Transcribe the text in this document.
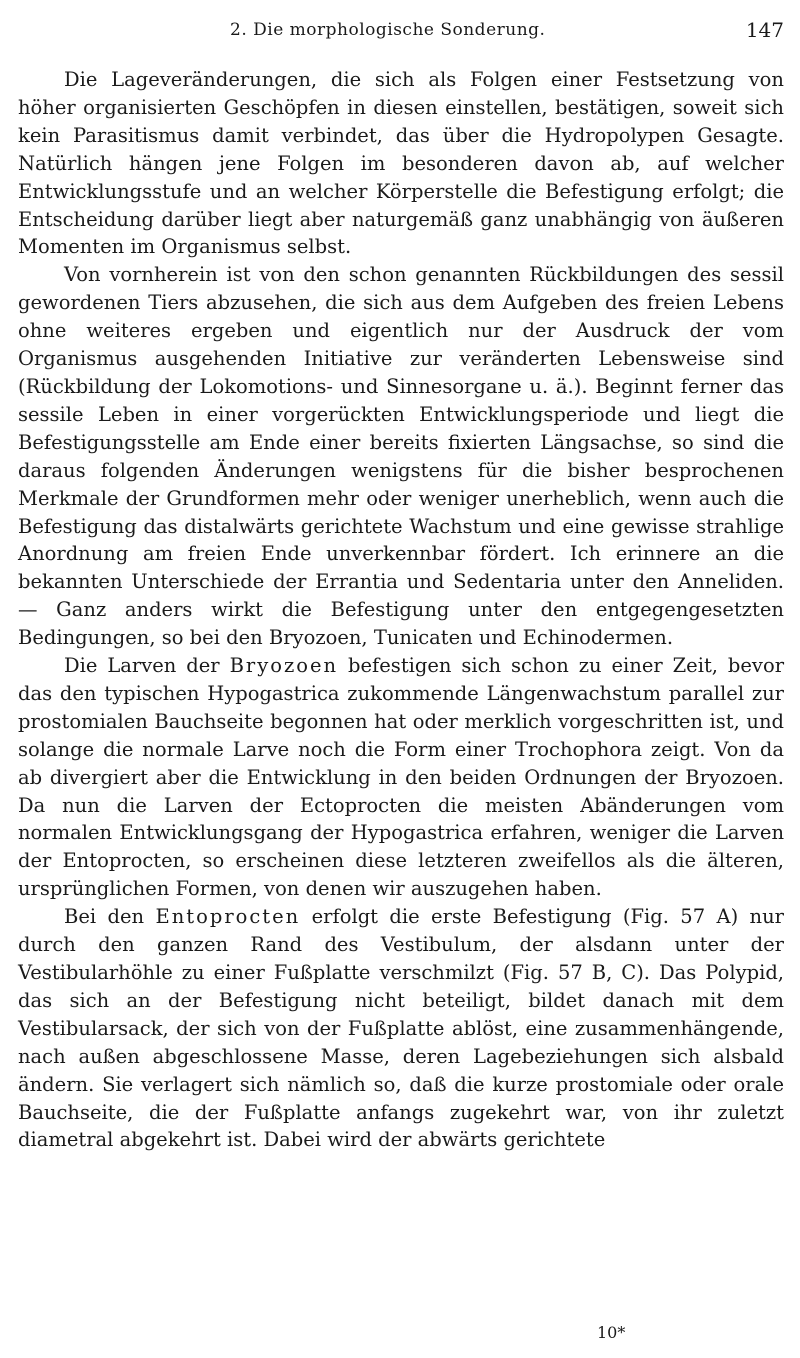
2. Die morphologische Sonderung.	147

Die Lageveränderungen, die sich als Folgen einer Festsetzung von höher organisierten Geschöpfen in diesen einstellen, bestätigen, soweit sich kein Parasitismus damit verbindet, das über die Hydropolypen Gesagte. Natürlich hängen jene Folgen im besonderen davon ab, auf welcher Entwicklungsstufe und an welcher Körperstelle die Befestigung erfolgt; die Entscheidung darüber liegt aber naturgemäß ganz unabhängig von äußeren Momenten im Organismus selbst.

Von vornherein ist von den schon genannten Rückbildungen des sessil gewordenen Tiers abzusehen, die sich aus dem Aufgeben des freien Lebens ohne weiteres ergeben und eigentlich nur der Ausdruck der vom Organismus ausgehenden Initiative zur veränderten Lebensweise sind (Rückbildung der Lokomotions- und Sinnesorgane u. ä.). Beginnt ferner das sessile Leben in einer vorgerückten Entwicklungsperiode und liegt die Befestigungsstelle am Ende einer bereits fixierten Längsachse, so sind die daraus folgenden Änderungen wenigstens für die bisher besprochenen Merkmale der Grundformen mehr oder weniger unerheblich, wenn auch die Befestigung das distalwärts gerichtete Wachstum und eine gewisse strahlige Anordnung am freien Ende unverkennbar fördert. Ich erinnere an die bekannten Unterschiede der Errantia und Sedentaria unter den Anneliden. — Ganz anders wirkt die Befestigung unter den entgegengesetzten Bedingungen, so bei den Bryozoen, Tunicaten und Echinodermen.

Die Larven der Bryozoen befestigen sich schon zu einer Zeit, bevor das den typischen Hypogastrica zukommende Längenwachstum parallel zur prostomialen Bauchseite begonnen hat oder merklich vorgeschritten ist, und solange die normale Larve noch die Form einer Trochophora zeigt. Von da ab divergiert aber die Entwicklung in den beiden Ordnungen der Bryozoen. Da nun die Larven der Ectoprocten die meisten Abänderungen vom normalen Entwicklungsgang der Hypogastrica erfahren, weniger die Larven der Entoprocten, so erscheinen diese letzteren zweifellos als die älteren, ursprünglichen Formen, von denen wir auszugehen haben.

Bei den Entoprocten erfolgt die erste Befestigung (Fig. 57 A) nur durch den ganzen Rand des Vestibulum, der alsdann unter der Vestibularhöhle zu einer Fußplatte verschmilzt (Fig. 57 B, C). Das Polypid, das sich an der Befestigung nicht beteiligt, bildet danach mit dem Vestibularsack, der sich von der Fußplatte ablöst, eine zusammenhängende, nach außen abgeschlossene Masse, deren Lagebeziehungen sich alsbald ändern. Sie verlagert sich nämlich so, daß die kurze prostomiale oder orale Bauchseite, die der Fußplatte anfangs zugekehrt war, von ihr zuletzt diametral abgekehrt ist. Dabei wird der abwärts gerichtete

10*
